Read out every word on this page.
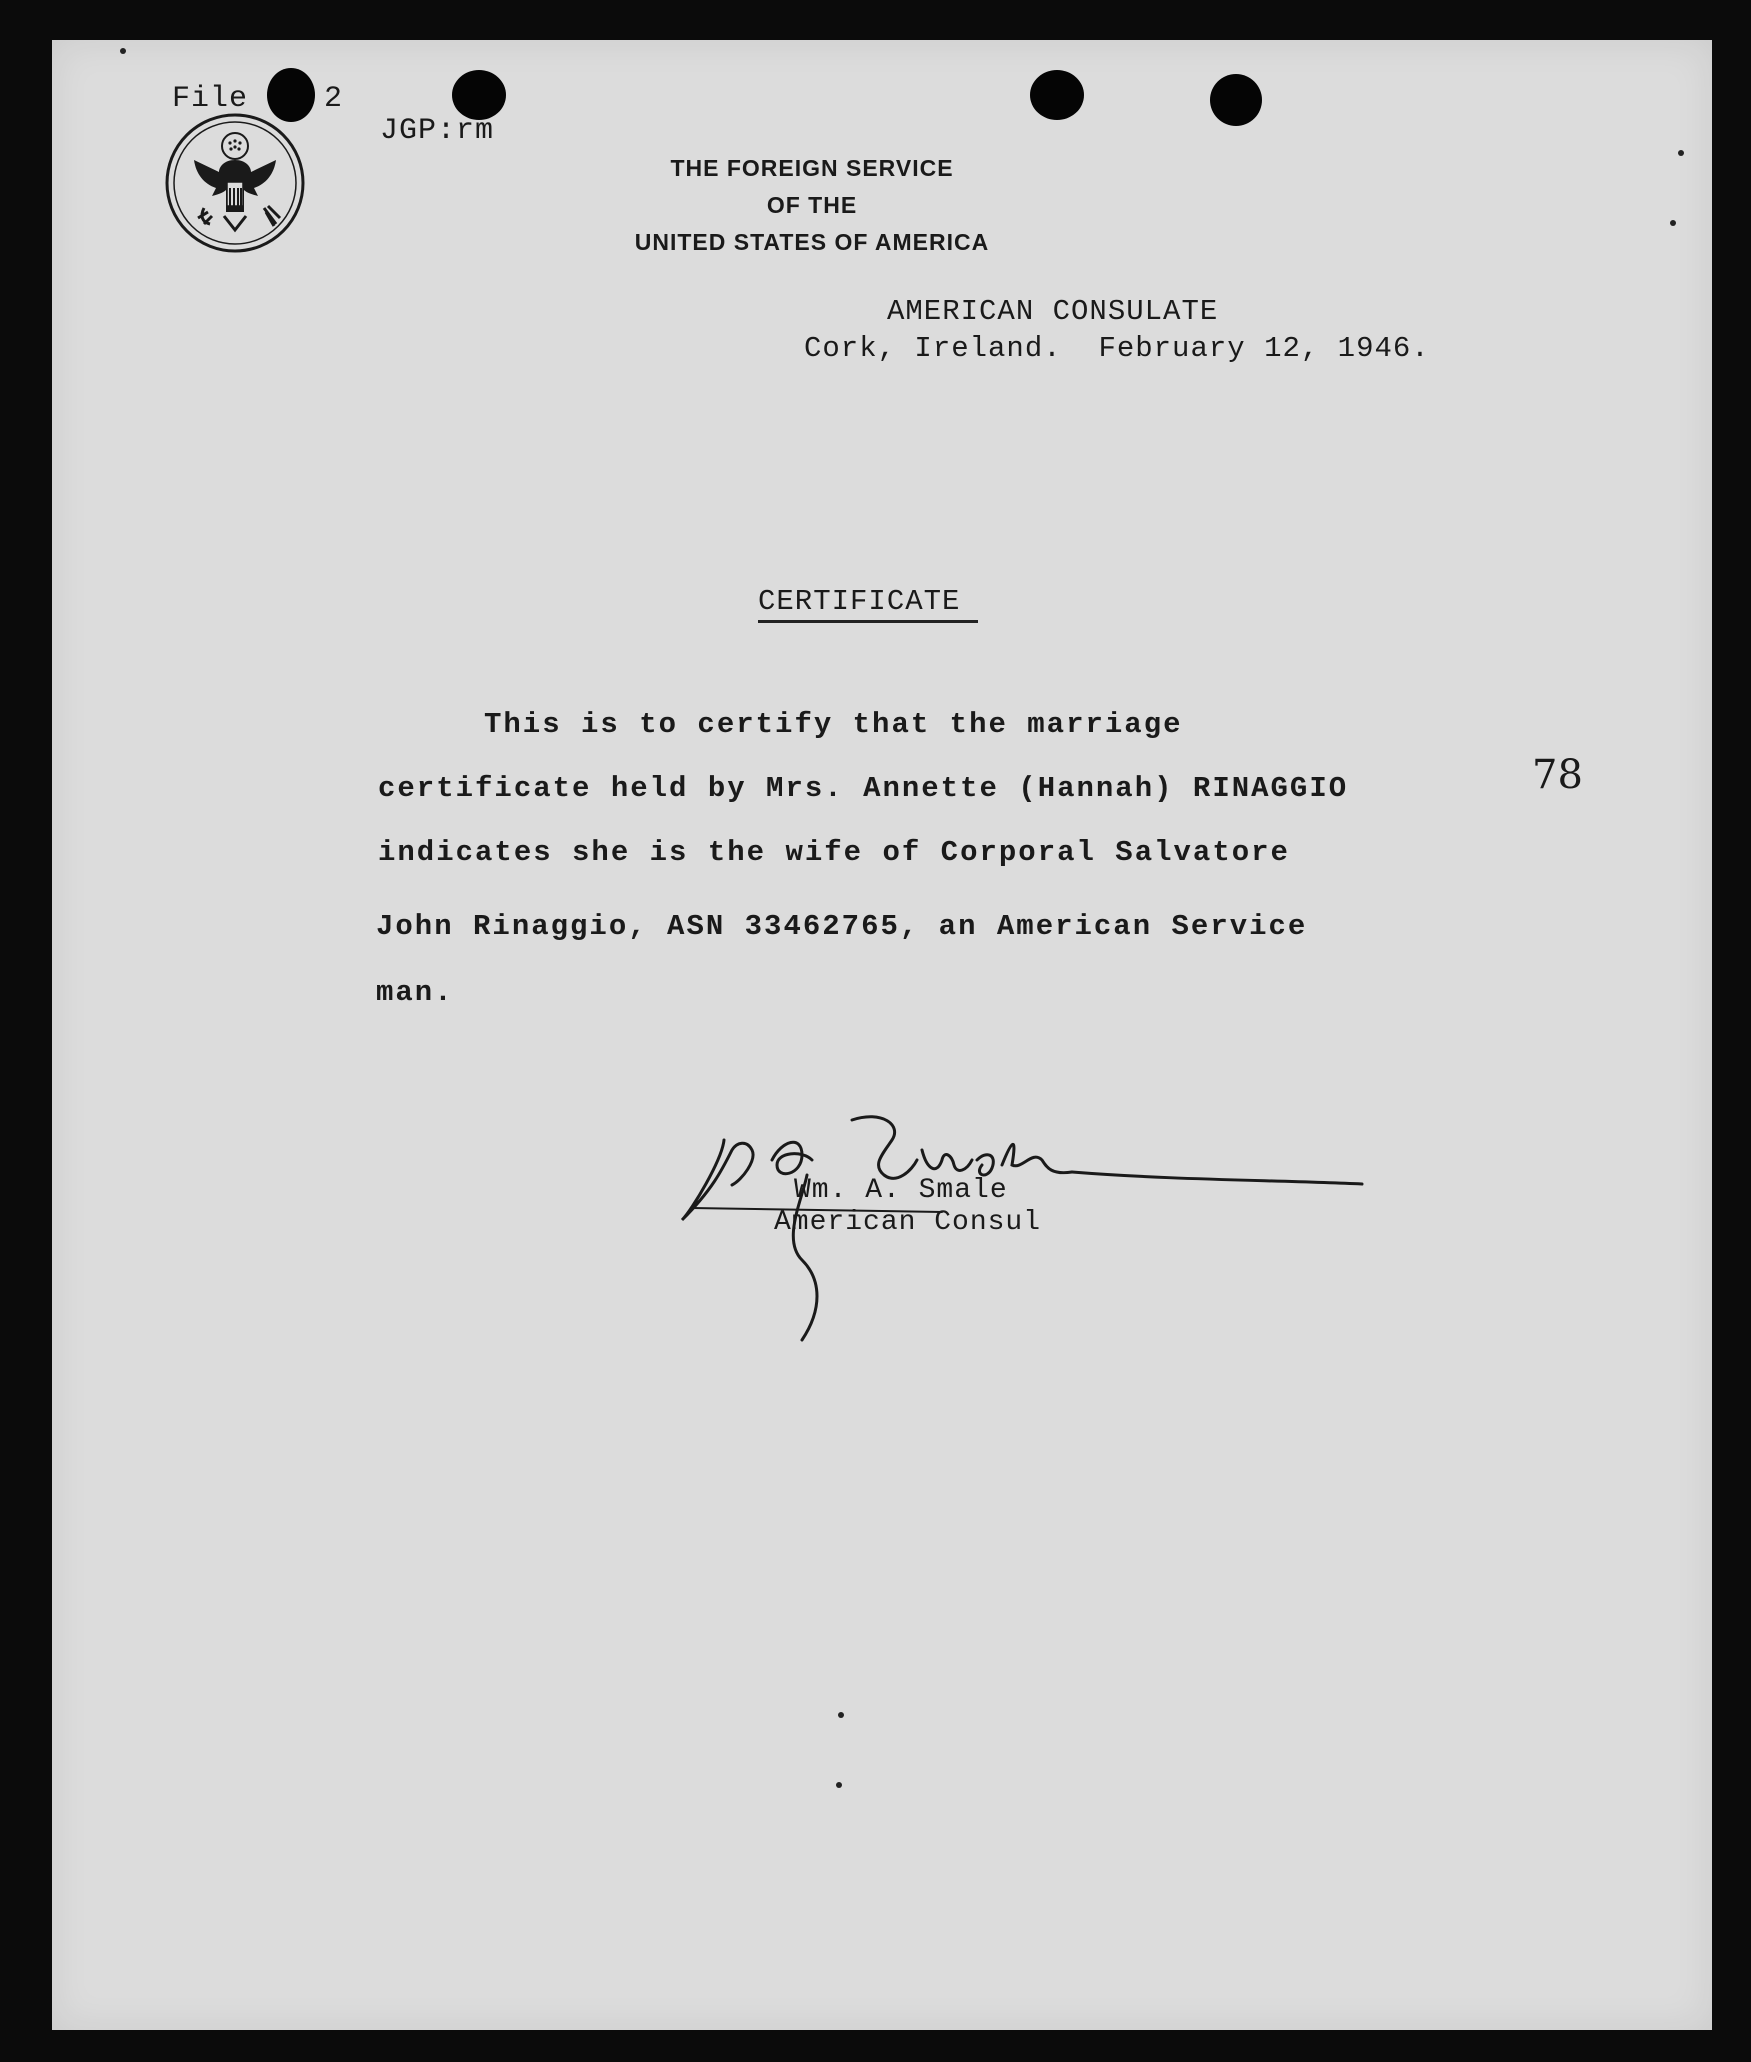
File	2
JGP:rm
THE FOREIGN SERVICE
OF THE
UNITED STATES OF AMERICA
AMERICAN CONSULATE
Cork, Ireland.  February 12, 1946.
CERTIFICATE
This is to certify that the marriage
certificate held by Mrs. Annette (Hannah) RINAGGIO
indicates she is the wife of Corporal Salvatore
John Rinaggio, ASN 33462765, an American Service
man.
78
Wm. A. Smale
American Consul
